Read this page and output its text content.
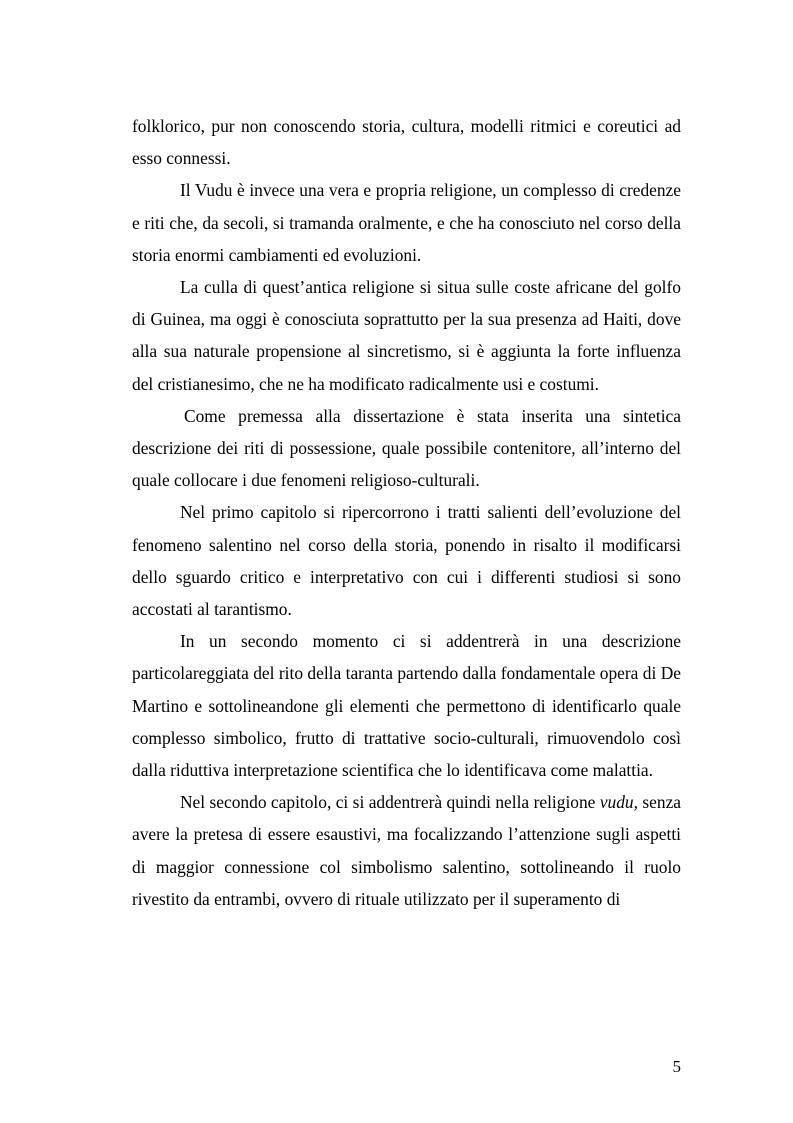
folklorico, pur non conoscendo storia, cultura, modelli ritmici e coreutici ad esso connessi.

Il Vudu è invece una vera e propria religione, un complesso di credenze e riti che, da secoli, si tramanda oralmente, e che ha conosciuto nel corso della storia enormi cambiamenti ed evoluzioni.

La culla di quest’antica religione si situa sulle coste africane del golfo di Guinea, ma oggi è conosciuta soprattutto per la sua presenza ad Haiti, dove alla sua naturale propensione al sincretismo, si è aggiunta la forte influenza del cristianesimo, che ne ha modificato radicalmente usi e costumi.

Come premessa alla dissertazione è stata inserita una sintetica descrizione dei riti di possessione, quale possibile contenitore, all’interno del quale collocare i due fenomeni religioso-culturali.

Nel primo capitolo si ripercorrono i tratti salienti dell’evoluzione del fenomeno salentino nel corso della storia, ponendo in risalto il modificarsi dello sguardo critico e interpretativo con cui i differenti studiosi si sono accostati al tarantismo.

In un secondo momento ci si addentrerà in una descrizione particolareggiata del rito della taranta partendo dalla fondamentale opera di De Martino e sottolineandone gli elementi che permettono di identificarlo quale complesso simbolico, frutto di trattative socio-culturali, rimuovendolo così dalla riduttiva interpretazione scientifica che lo identificava come malattia.

Nel secondo capitolo, ci si addentrerà quindi nella religione vudu, senza avere la pretesa di essere esaustivi, ma focalizzando l’attenzione sugli aspetti di maggior connessione col simbolismo salentino, sottolineando il ruolo rivestito da entrambi, ovvero di rituale utilizzato per il superamento di

5
